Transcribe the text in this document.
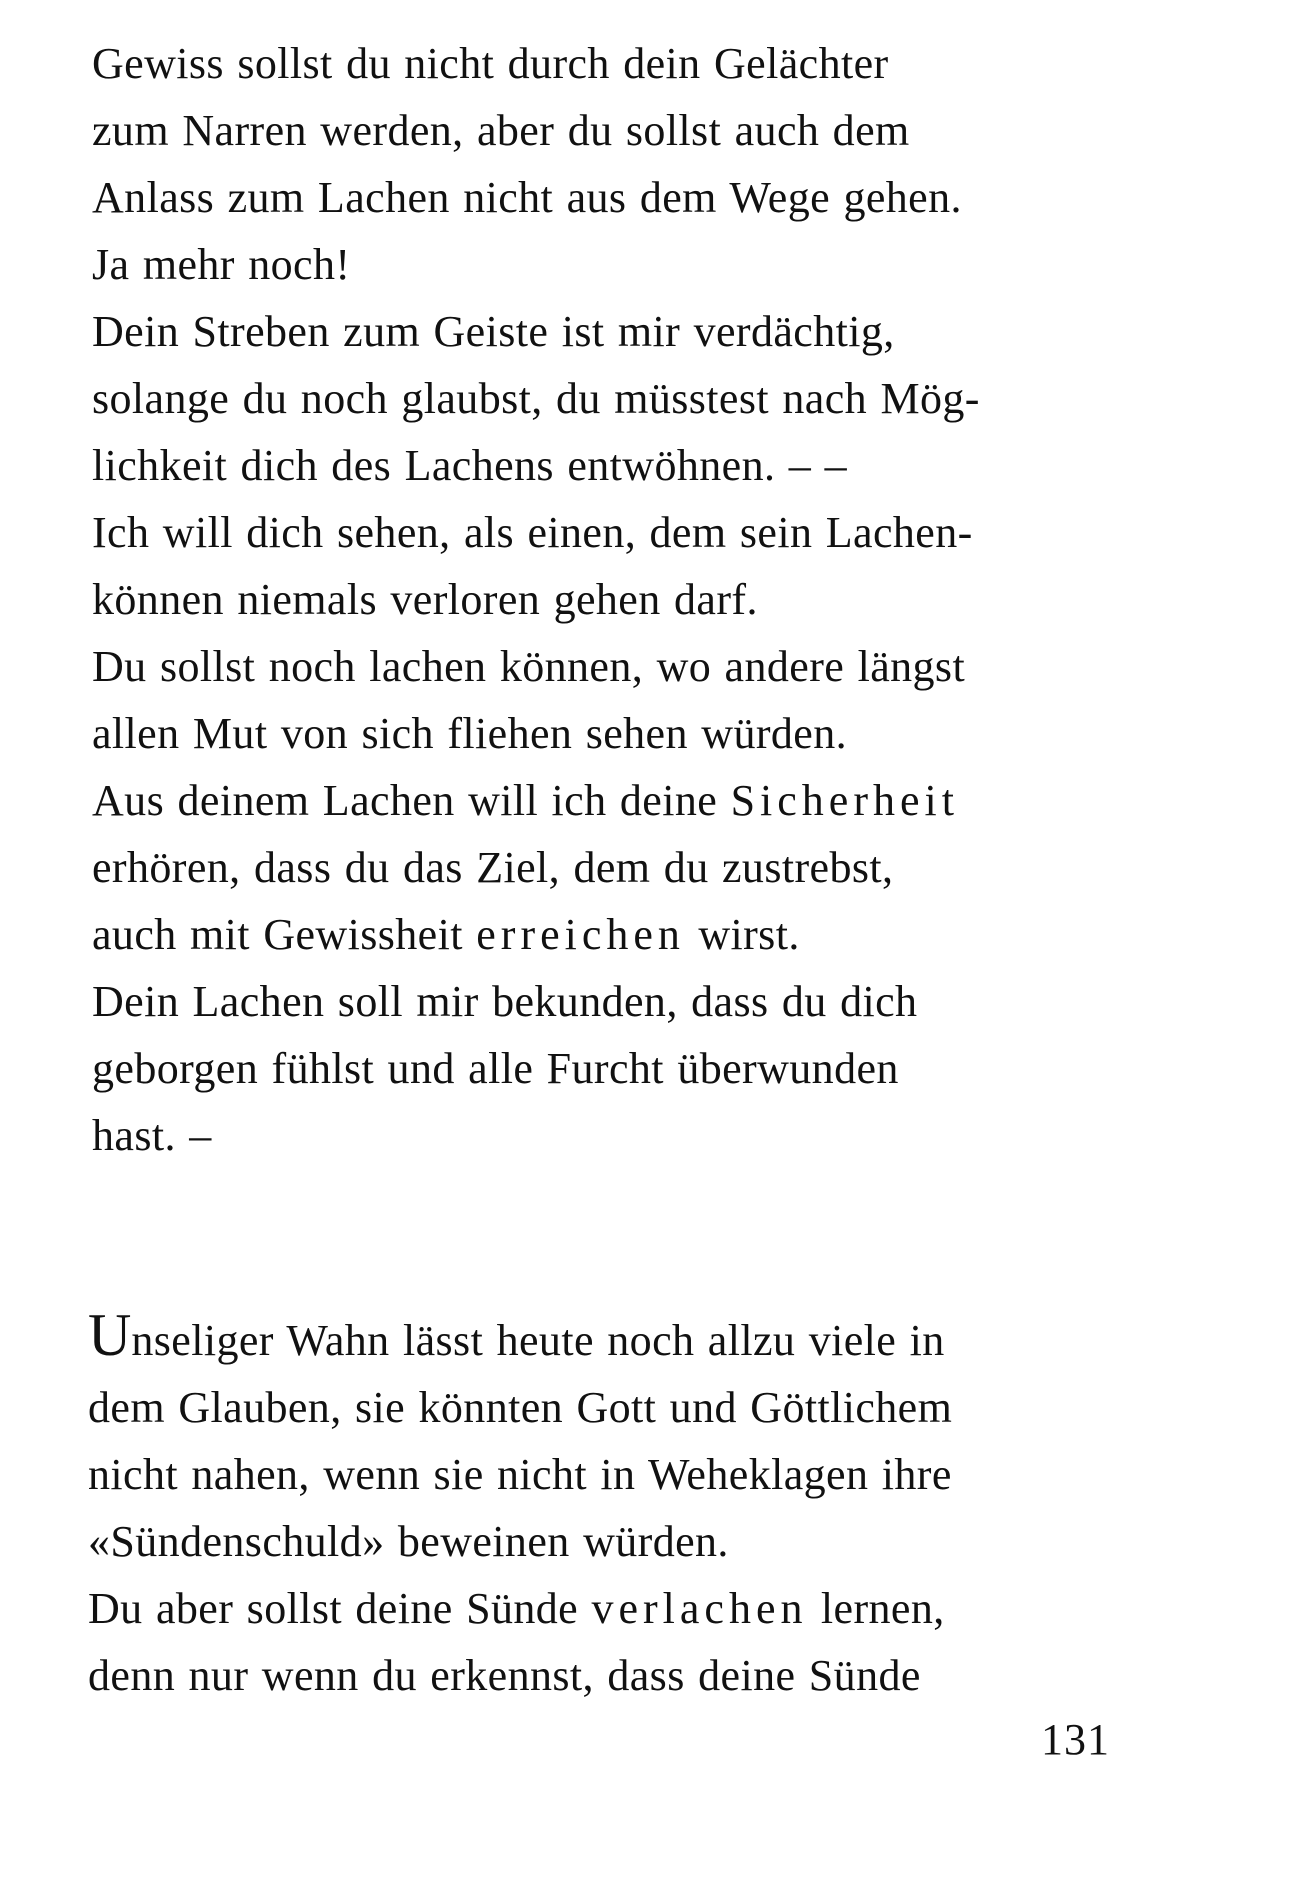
Gewiss sollst du nicht durch dein Gelächter
zum Narren werden, aber du sollst auch dem
Anlass zum Lachen nicht aus dem Wege gehen.
Ja mehr noch!

Dein Streben zum Geiste ist mir verdächtig,
solange du noch glaubst, du müsstest nach Mög-
lichkeit dich des Lachens entwöhnen. – –

Ich will dich sehen, als einen, dem sein Lachen-
können niemals verloren gehen darf.

Du sollst noch lachen können, wo andere längst
allen Mut von sich fliehen sehen würden.

Aus deinem Lachen will ich deine Sicherheit
erhören, dass du das Ziel, dem du zustrebst,
auch mit Gewissheit erreichen wirst.

Dein Lachen soll mir bekunden, dass du dich
geborgen fühlst und alle Furcht überwunden
hast. –

Unseliger Wahn lässt heute noch allzu viele in
dem Glauben, sie könnten Gott und Göttlichem
nicht nahen, wenn sie nicht in Weheklagen ihre
«Sündenschuld» beweinen würden.

Du aber sollst deine Sünde verlachen lernen,
denn nur wenn du erkennst, dass deine Sünde

131
